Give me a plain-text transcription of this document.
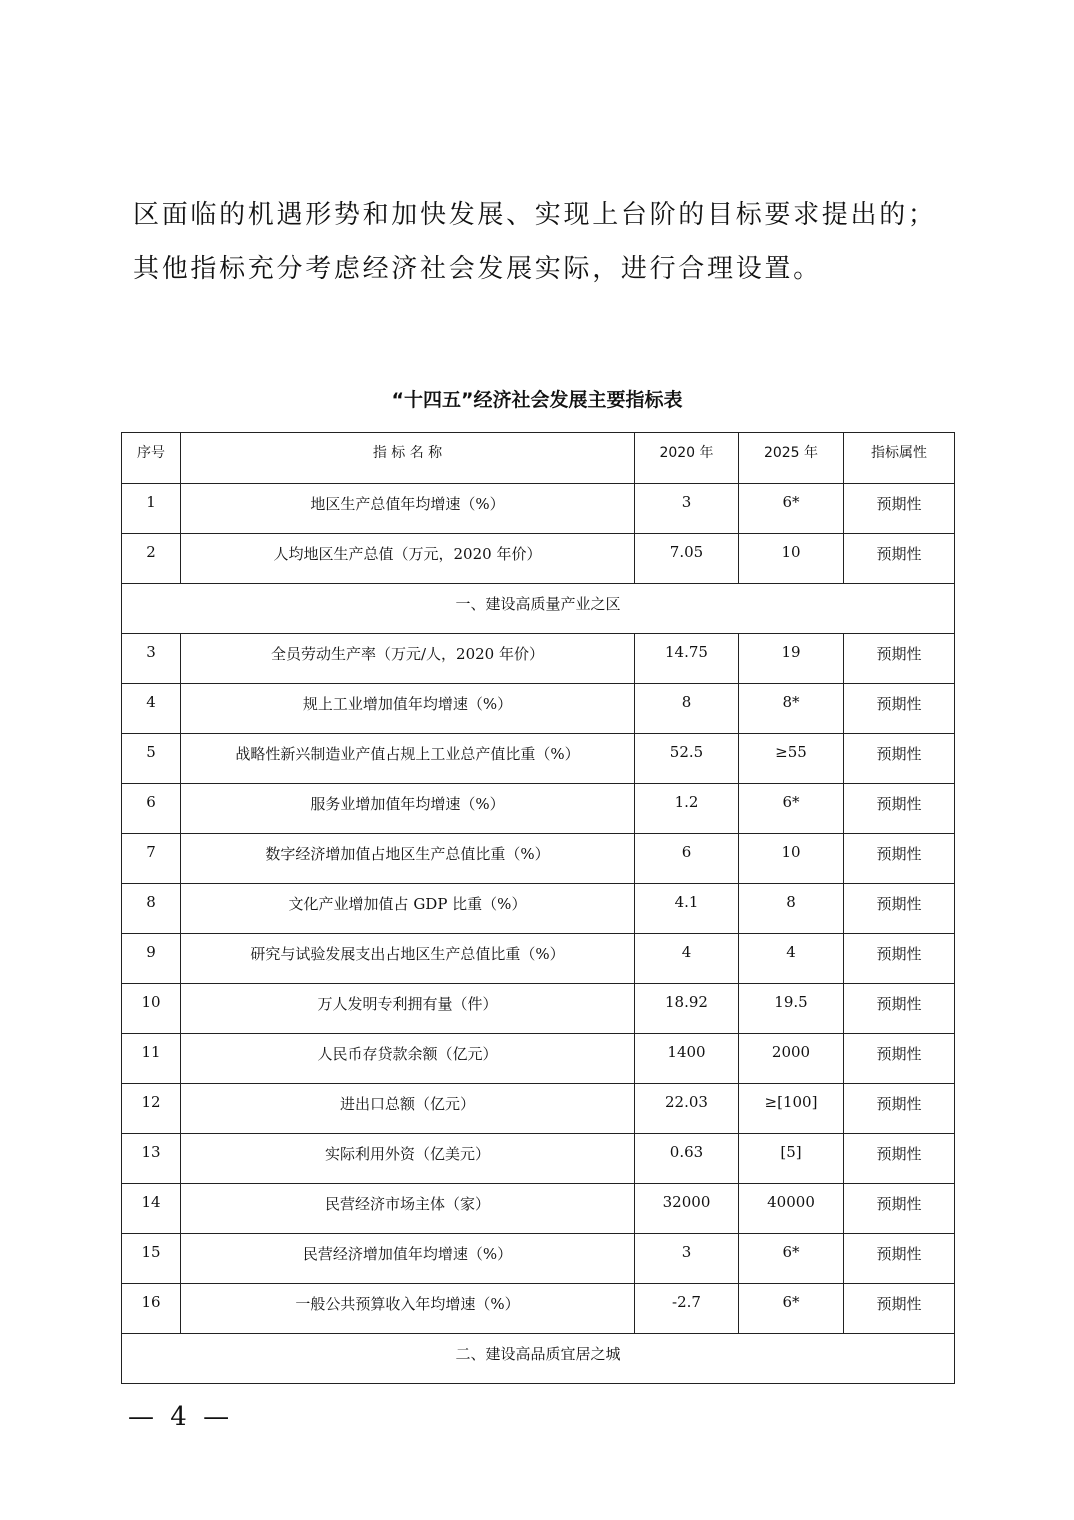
区面临的机遇形势和加快发展、实现上台阶的目标要求提出的；
其他指标充分考虑经济社会发展实际，进行合理设置。
“十四五”经济社会发展主要指标表
序号	指 标 名 称	2020 年	2025 年	指标属性
1	地区生产总值年均增速（%）	3	6*	预期性
2	人均地区生产总值（万元，2020 年价）	7.05	10	预期性
一、建设高质量产业之区				
3	全员劳动生产率（万元/人，2020 年价）	14.75	19	预期性
4	规上工业增加值年均增速（%）	8	8*	预期性
5	战略性新兴制造业产值占规上工业总产值比重（%）	52.5	≥55	预期性
6	服务业增加值年均增速（%）	1.2	6*	预期性
7	数字经济增加值占地区生产总值比重（%）	6	10	预期性
8	文化产业增加值占 GDP 比重（%）	4.1	8	预期性
9	研究与试验发展支出占地区生产总值比重（%）	4	4	预期性
10	万人发明专利拥有量（件）	18.92	19.5	预期性
11	人民币存贷款余额（亿元）	1400	2000	预期性
12	进出口总额（亿元）	22.03	≥[100]	预期性
13	实际利用外资（亿美元）	0.63	[5]	预期性
14	民营经济市场主体（家）	32000	40000	预期性
15	民营经济增加值年均增速（%）	3	6*	预期性
16	一般公共预算收入年均增速（%）	-2.7	6*	预期性
二、建设高品质宜居之城				
— 4 —
